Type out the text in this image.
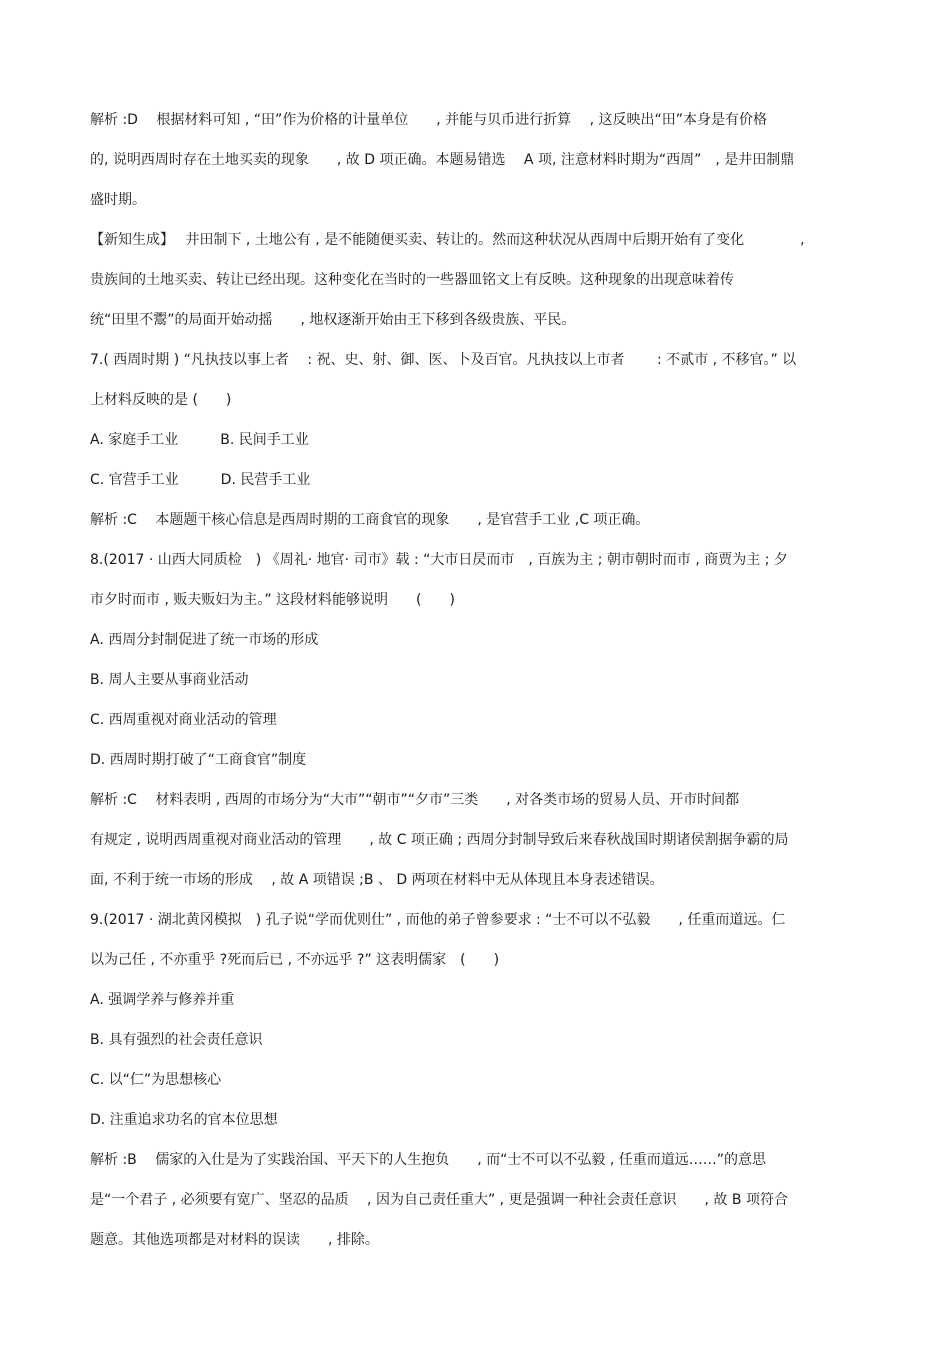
解析 :D　 根据材料可知 , “田”作为价格的计量单位　　, 并能与贝币进行折算　 , 这反映出“田”本身是有价格
的, 说明西周时存在土地买卖的现象　　, 故 D 项正确。本题易错选　 A 项, 注意材料时期为“西周”　, 是井田制鼎
盛时期。
【新知生成】　 井田制下 , 土地公有 , 是不能随便买卖、转让的。然而这种状况从西周中后期开始有了变化　　　　,
贵族间的土地买卖、转让已经出现。这种变化在当时的一些器皿铭文上有反映。这种现象的出现意味着传
统“田里不鬻”的局面开始动摇　　, 地权逐渐开始由王下移到各级贵族、平民。
7.( 西周时期 ) “凡执技以事上者　 : 祝、史、射、御、医、卜及百官。凡执技以上市者　　 : 不贰市 , 不移官。” 以
上材料反映的是 (　　)
A. 家庭手工业　　　B. 民间手工业
C. 官营手工业　　　D. 民营手工业
解析 :C　 本题题干核心信息是西周时期的工商食官的现象　　, 是官营手工业 ,C 项正确。
8.(2017 · 山西大同质检　) 《周礼· 地官· 司市》载 : “大市日昃而市　, 百族为主 ; 朝市朝时而市 , 商贾为主 ; 夕
市夕时而市 , 贩夫贩妇为主。” 这段材料能够说明　　(　　)
A. 西周分封制促进了统一市场的形成
B. 周人主要从事商业活动
C. 西周重视对商业活动的管理
D. 西周时期打破了“工商食官”制度
解析 :C　 材料表明 , 西周的市场分为“大市”“朝市”“夕市”三类　　, 对各类市场的贸易人员、开市时间都
有规定 , 说明西周重视对商业活动的管理　　, 故 C 项正确 ; 西周分封制导致后来春秋战国时期诸侯割据争霸的局
面, 不利于统一市场的形成　 , 故 A 项错误 ;B 、 D 两项在材料中无从体现且本身表述错误。
9.(2017 · 湖北黄冈模拟　) 孔子说“学而优则仕” , 而他的弟子曾参要求 : “士不可以不弘毅　　, 任重而道远。仁
以为己任 , 不亦重乎 ?死而后已 , 不亦远乎 ?” 这表明儒家　(　　)
A. 强调学养与修养并重
B. 具有强烈的社会责任意识
C. 以“仁”为思想核心
D. 注重追求功名的官本位思想
解析 :B　 儒家的入仕是为了实践治国、平天下的人生抱负　　, 而“士不可以不弘毅 , 任重而道远……”的意思
是“一个君子 , 必须要有宽广、坚忍的品质　 , 因为自己责任重大” , 更是强调一种社会责任意识　　, 故 B 项符合
题意。其他选项都是对材料的误读　　, 排除。
